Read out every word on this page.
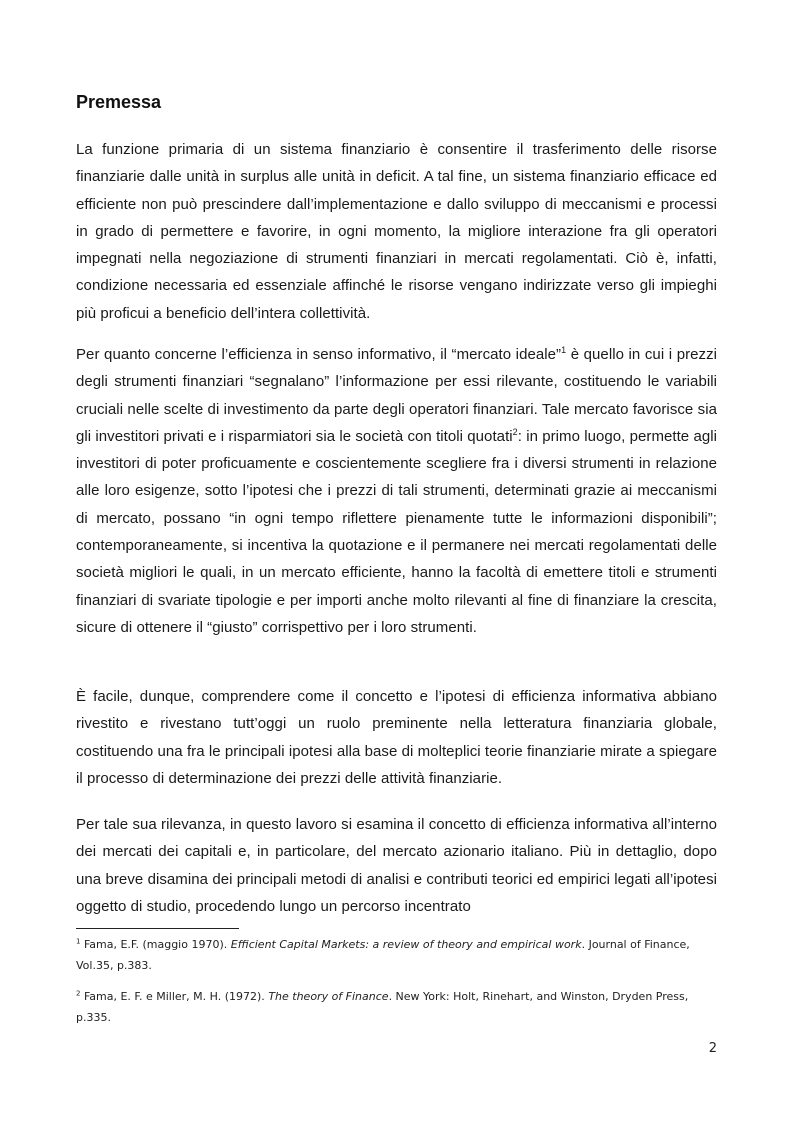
Premessa

La funzione primaria di un sistema finanziario è consentire il trasferimento delle risorse finanziarie dalle unità in surplus alle unità in deficit. A tal fine, un sistema finanziario efficace ed efficiente non può prescindere dall’implementazione e dallo sviluppo di meccanismi e processi in grado di permettere e favorire, in ogni momento, la migliore interazione fra gli operatori impegnati nella negoziazione di strumenti finanziari in mercati regolamentati. Ciò è, infatti, condizione necessaria ed essenziale affinché le risorse vengano indirizzate verso gli impieghi più proficui a beneficio dell’intera collettività.

Per quanto concerne l’efficienza in senso informativo, il “mercato ideale”$^1$ è quello in cui i prezzi degli strumenti finanziari “segnalano” l’informazione per essi rilevante, costituendo le variabili cruciali nelle scelte di investimento da parte degli operatori finanziari. Tale mercato favorisce sia gli investitori privati e i risparmiatori sia le società con titoli quotati$^2$: in primo luogo, permette agli investitori di poter proficuamente e coscientemente scegliere fra i diversi strumenti in relazione alle loro esigenze, sotto l’ipotesi che i prezzi di tali strumenti, determinati grazie ai meccanismi di mercato, possano “in ogni tempo riflettere pienamente tutte le informazioni disponibili”; contemporaneamente, si incentiva la quotazione e il permanere nei mercati regolamentati delle società migliori le quali, in un mercato efficiente, hanno la facoltà di emettere titoli e strumenti finanziari di svariate tipologie e per importi anche molto rilevanti al fine di finanziare la crescita, sicure di ottenere il “giusto” corrispettivo per i loro strumenti.

È facile, dunque, comprendere come il concetto e l’ipotesi di efficienza informativa abbiano rivestito e rivestano tutt’oggi un ruolo preminente nella letteratura finanziaria globale, costituendo una fra le principali ipotesi alla base di molteplici teorie finanziarie mirate a spiegare il processo di determinazione dei prezzi delle attività finanziarie.

Per tale sua rilevanza, in questo lavoro si esamina il concetto di efficienza informativa all’interno dei mercati dei capitali e, in particolare, del mercato azionario italiano. Più in dettaglio, dopo una breve disamina dei principali metodi di analisi e contributi teorici ed empirici legati all’ipotesi oggetto di studio, procedendo lungo un percorso incentrato

$^1$ Fama, E.F. (maggio 1970). Efficient Capital Markets: a review of theory and empirical work. Journal of Finance, Vol.35, p.383.

$^2$ Fama, E. F. e Miller, M. H. (1972). The theory of Finance. New York: Holt, Rinehart, and Winston, Dryden Press, p.335.

2
